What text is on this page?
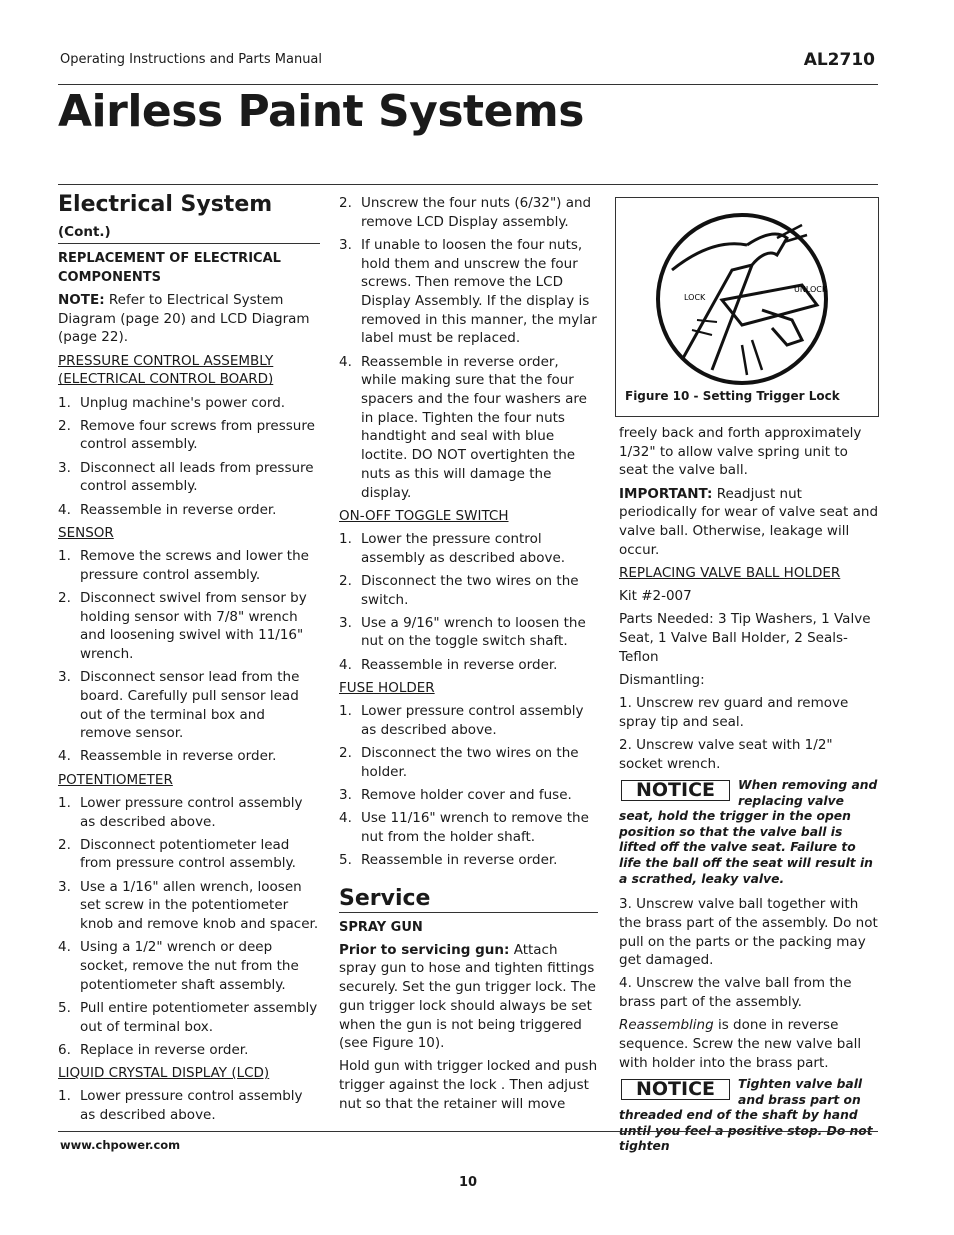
Operating Instructions and Parts Manual	AL2710
Airless Paint Systems
Electrical System (Cont.)
REPLACEMENT OF ELECTRICAL COMPONENTS

NOTE: Refer to Electrical System Diagram (page 20) and LCD Diagram (page 22).

PRESSURE CONTROL ASSEMBLY (ELECTRICAL CONTROL BOARD)
1. Unplug machine's power cord.
2. Remove four screws from pressure control assembly.
3. Disconnect all leads from pressure control assembly.
4. Reassemble in reverse order.
SENSOR
1. Remove the screws and lower the pressure control assembly.
2. Disconnect swivel from sensor by holding sensor with 7/8" wrench and loosening swivel with 11/16" wrench.
3. Disconnect sensor lead from the board. Carefully pull sensor lead out of the terminal box and remove sensor.
4. Reassemble in reverse order.
POTENTIOMETER
1. Lower pressure control assembly as described above.
2. Disconnect potentiometer lead from pressure control assembly.
3. Use a 1/16" allen wrench, loosen set screw in the potentiometer knob and remove knob and spacer.
4. Using a 1/2" wrench or deep socket, remove the nut from the potentiometer shaft assembly.
5. Pull entire potentiometer assembly out of terminal box.
6. Replace in reverse order.
LIQUID CRYSTAL DISPLAY (LCD)
1. Lower pressure control assembly as described above.
2. Unscrew the four nuts (6/32") and remove LCD Display assembly.
3. If unable to loosen the four nuts, hold them and unscrew the four screws. Then remove the LCD Display Assembly. If the display is removed in this manner, the mylar label must be replaced.
4. Reassemble in reverse order, while making sure that the four spacers and the four washers are in place. Tighten the four nuts handtight and seal with blue loctite. DO NOT overtighten the nuts as this will damage the display.
ON-OFF TOGGLE SWITCH
1. Lower the pressure control assembly as described above.
2. Disconnect the two wires on the switch.
3. Use a 9/16" wrench to loosen the nut on the toggle switch shaft.
4. Reassemble in reverse order.
FUSE HOLDER
1. Lower pressure control assembly as described above.
2. Disconnect the two wires on the holder.
3. Remove holder cover and fuse.
4. Use 11/16" wrench to remove the nut from the holder shaft.
5. Reassemble in reverse order.
Service
SPRAY GUN

Prior to servicing gun: Attach spray gun to hose and tighten fittings securely. Set the gun trigger lock. The gun trigger lock should always be set when the gun is not being triggered (see Figure 10).

Hold gun with trigger locked and push trigger against the lock . Then adjust nut so that the retainer will move

LOCK
UNLOCK
Figure 10 - Setting Trigger Lock

freely back and forth approximately 1/32" to allow valve spring unit to seat the valve ball.

IMPORTANT: Readjust nut periodically for wear of valve seat and valve ball. Otherwise, leakage will occur.

REPLACING VALVE BALL HOLDER

Kit #2-007

Parts Needed: 3 Tip Washers, 1 Valve Seat, 1 Valve Ball Holder, 2 Seals-Teflon

Dismantling:

1. Unscrew rev guard and remove spray tip and seal.

2. Unscrew valve seat with 1/2" socket wrench.

NOTICE	When removing and replacing valve seat, hold the trigger in the open position so that the valve ball is lifted off the valve seat. Failure to life the ball off the seat will result in a scrathed, leaky valve.

3. Unscrew valve ball together with the brass part of the assembly. Do not pull on the parts or the packing may get damaged.

4. Unscrew the valve ball from the brass part of the assembly.

Reassembling is done in reverse sequence. Screw the new valve ball with holder into the brass part.

NOTICE	Tighten valve ball and brass part on threaded end of the shaft by hand until you feel a positive stop. Do not tighten
www.chpower.com
10
